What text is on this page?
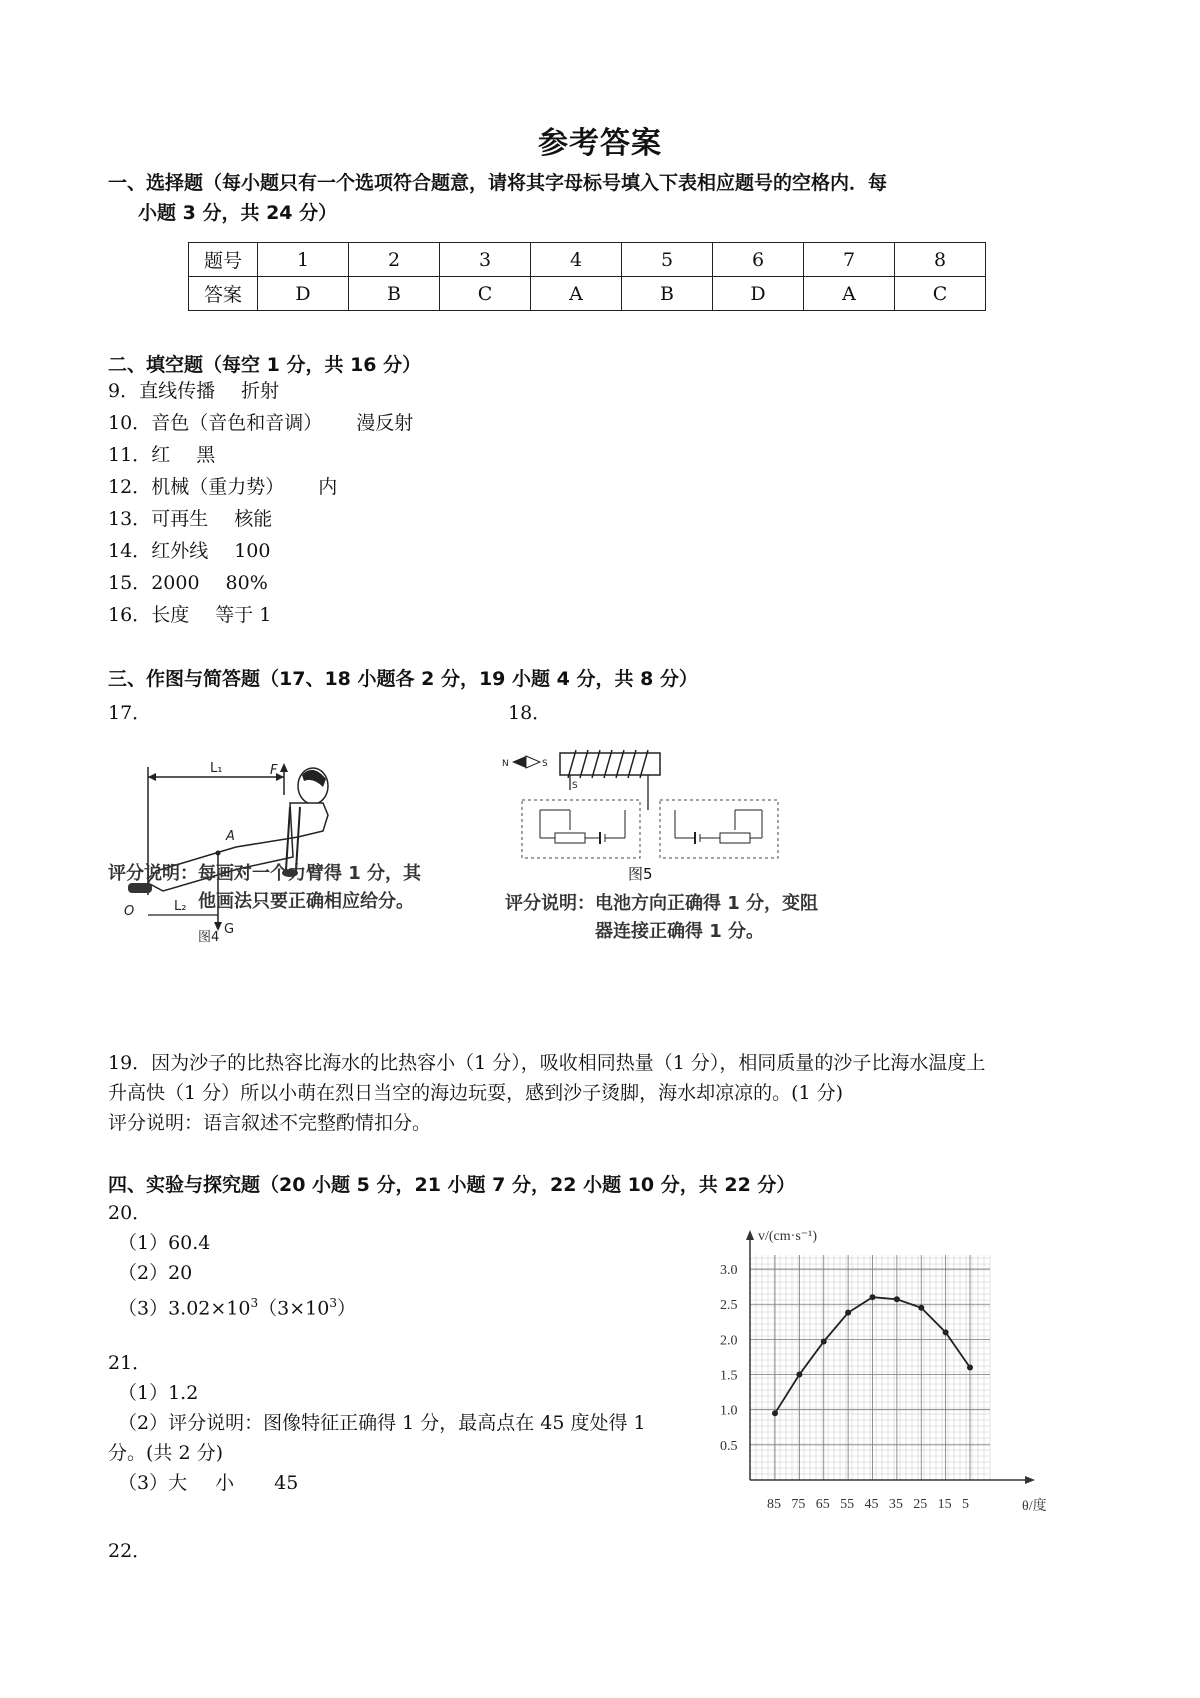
参考答案
一、选择题（每小题只有一个选项符合题意，请将其字母标号填入下表相应题号的空格内．每
小题 3 分，共 24 分）
题号	1	2	3	4	5	6	7	8
答案	D	B	C	A	B	D	A	C
二、填空题（每空 1 分，共 16 分）
9．直线传播 折射
10．音色（音色和音调） 漫反射
11．红 黑
12．机械（重力势） 内
13．可再生 核能
14．红外线 100
15．2000 80%
16．长度 等于 1
三、作图与简答题（17、18 小题各 2 分，19 小题 4 分，共 8 分）
17．	18．
L₁	F
A
G
L₂
O
图4
评分说明：每画对一个力臂得 1 分，其
他画法只要正确相应给分。
N	S
S
图5
评分说明：电池方向正确得 1 分，变阻
器连接正确得 1 分。
19．因为沙子的比热容比海水的比热容小（1 分），吸收相同热量（1 分），相同质量的沙子比海水温度上
升高快（1 分）所以小萌在烈日当空的海边玩耍，感到沙子烫脚，海水却凉凉的。(1 分)
评分说明：语言叙述不完整酌情扣分。
四、实验与探究题（20 小题 5 分，21 小题 7 分，22 小题 10 分，共 22 分）
20．
（1）60.4
（2）20
$(3)3.02\times 10^3(3\times 10^3)$
21．
（1）1.2
（2）评分说明：图像特征正确得 1 分，最高点在 45 度处得 1
分。(共 2 分)
（3）大 小 45
22．
3.0
2.5
2.0
1.5
1.0
0.5
85 75 65 55 45 35 25 15 5
v/(cm·s⁻¹)
θ/度
